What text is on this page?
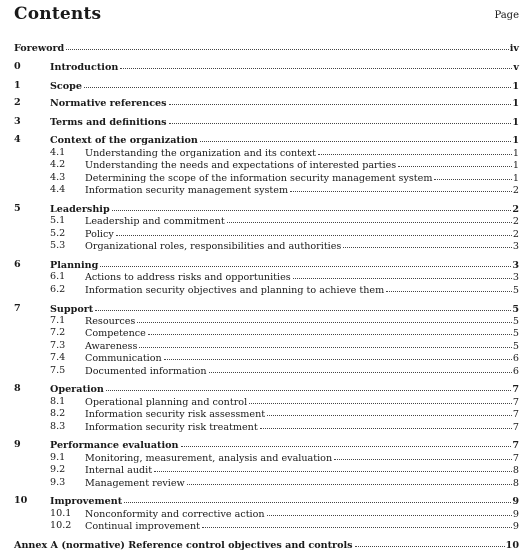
Contents	Page
Foreword	iv
0	Introduction	v
1	Scope	1
2	Normative references	1
3	Terms and definitions	1
4	Context of the organization	1
4.1 Understanding the organization and its context	1
4.2 Understanding the needs and expectations of interested parties	1
4.3 Determining the scope of the information security management system	1
4.4 Information security management system	2
5	Leadership	2
5.1 Leadership and commitment	2
5.2 Policy	2
5.3 Organizational roles, responsibilities and authorities	3
6	Planning	3
6.1 Actions to address risks and opportunities	3
6.2 Information security objectives and planning to achieve them	5
7	Support	5
7.1 Resources	5
7.2 Competence	5
7.3 Awareness	5
7.4 Communication	6
7.5 Documented information	6
8	Operation	7
8.1 Operational planning and control	7
8.2 Information security risk assessment	7
8.3 Information security risk treatment	7
9	Performance evaluation	7
9.1 Monitoring, measurement, analysis and evaluation	7
9.2 Internal audit	8
9.3 Management review	8
10 Improvement	9
10.1 Nonconformity and corrective action	9
10.2 Continual improvement	9
Annex A (normative) Reference control objectives and controls	10
